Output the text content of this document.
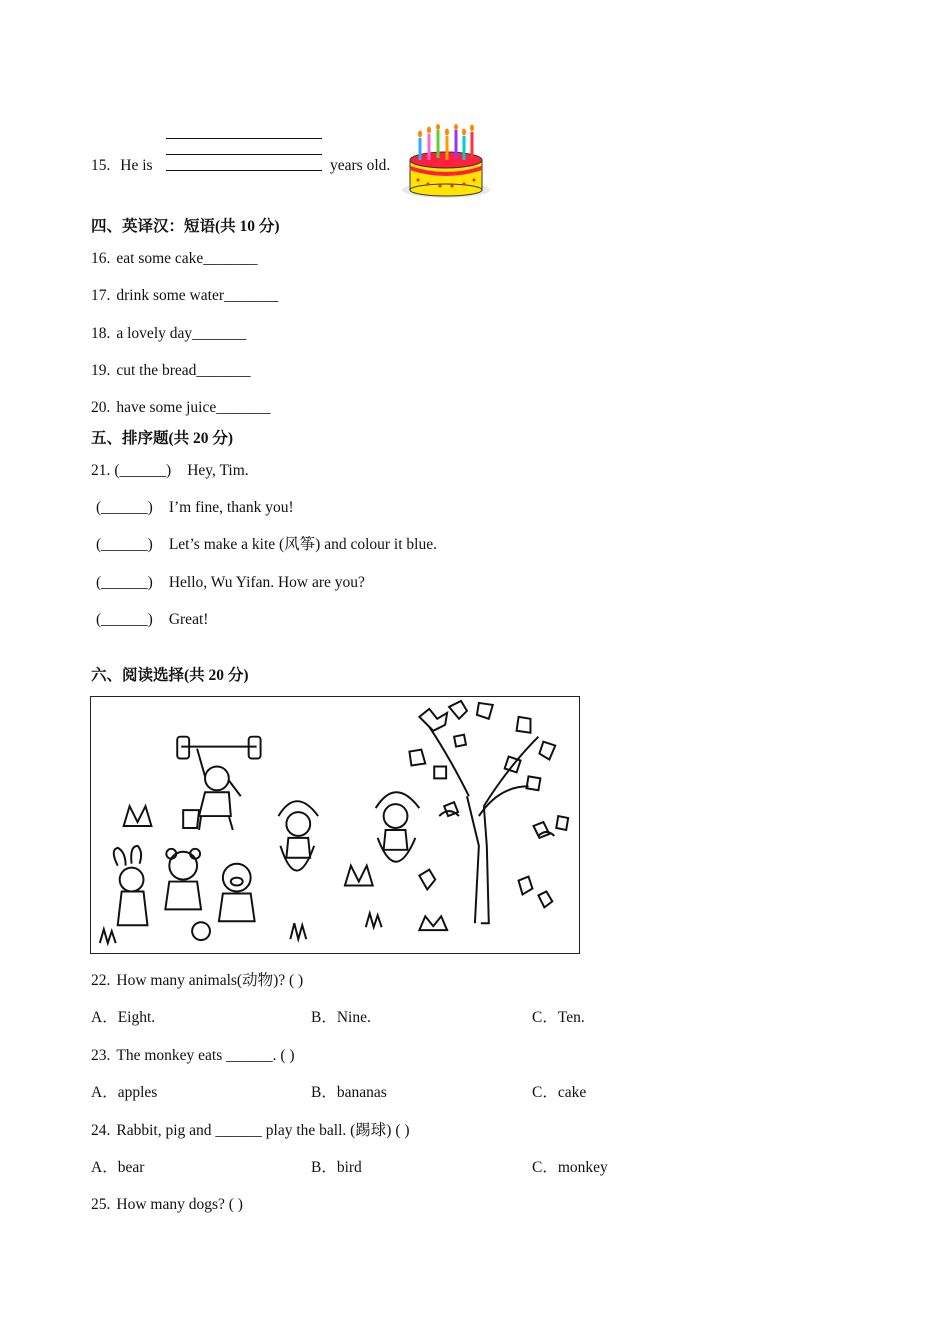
15. He is	years old.
四、英译汉：短语(共 10 分)
16. eat some cake_______
17. drink some water_______
18. a lovely day_______
19. cut the bread_______
20. have some juice_______
五、排序题(共 20 分)
21. (______) Hey, Tim.
(______) I’m fine, thank you!
(______) Let’s make a kite (风筝) and colour it blue.
(______) Hello, Wu Yifan. How are you?
(______) Great!
六、阅读选择(共 20 分)
22. How many animals(动物)? ( )
A．Eight.	B．Nine.	C．Ten.
23. The monkey eats ______. ( )
A．apples	B．bananas	C．cake
24. Rabbit, pig and ______ play the ball. (踢球) ( )
A．bear	B．bird	C．monkey
25. How many dogs? ( )
